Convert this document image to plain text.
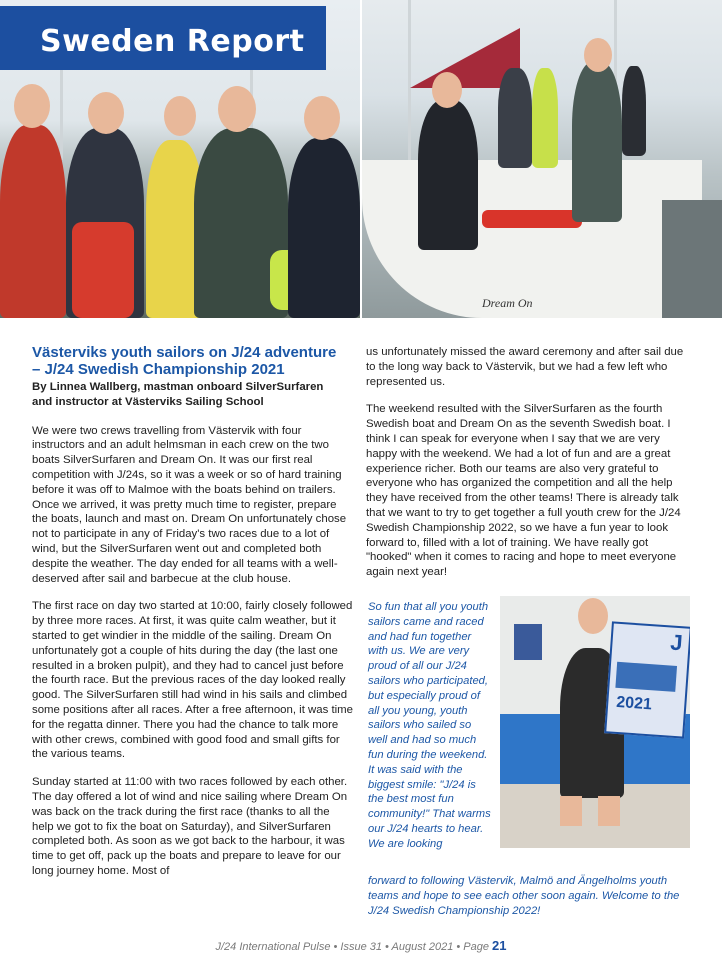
Dream On
Sweden Report
Västerviks youth sailors on J/24 adventure
– J/24 Swedish Championship 2021
By Linnea Wallberg, mastman onboard SilverSurfaren
and instructor at Västerviks Sailing School

We were two crews travelling from Västervik with four instructors and an adult helmsman in each crew on the two boats SilverSurfaren and Dream On. It was our first real competition with J/24s, so it was a week or so of hard training before it was off to Malmoe with the boats behind on trailers. Once we arrived, it was pretty much time to register, prepare the boats, launch and mast on. Dream On unfortunately chose not to participate in any of Friday's two races due to a lot of wind, but the SilverSurfaren went out and completed both despite the weather. The day ended for all teams with a well-deserved after sail and barbecue at the club house.

The first race on day two started at 10:00, fairly closely followed by three more races. At first, it was quite calm weather, but it started to get windier in the middle of the sailing. Dream On unfortunately got a couple of hits during the day (the last one resulted in a broken pulpit), and they had to cancel just before the fourth race. But the previous races of the day looked really good. The SilverSurfaren still had wind in his sails and climbed some positions after all races. After a free afternoon, it was time for the regatta dinner. There you had the chance to talk more with other crews, combined with good food and small gifts for the various teams.

Sunday started at 11:00 with two races followed by each other. The day offered a lot of wind and nice sailing where Dream On was back on the track during the first race (thanks to all the help we got to fix the boat on Saturday), and SilverSurfaren completed both. As soon as we got back to the harbour, it was time to get off, pack up the boats and prepare to leave for our long journey home. Most of

us unfortunately missed the award ceremony and after sail due to the long way back to Västervik, but we had a few left who represented us.

The weekend resulted with the SilverSurfaren as the fourth Swedish boat and Dream On as the seventh Swedish boat. I think I can speak for everyone when I say that we are very happy with the weekend. We had a lot of fun and are a great experience richer. Both our teams are also very grateful to everyone who has organized the competition and all the help they have received from the other teams! There is already talk that we want to try to get together a full youth crew for the J/24 Swedish Championship 2022, so we have a fun year to look forward to, filled with a lot of training. We have really got "hooked" when it comes to racing and hope to meet everyone again next year!

So fun that all you youth sailors came and raced and had fun together with us. We are very proud of all our J/24 sailors who participated, but especially proud of all you young, youth sailors who sailed so well and had so much fun during the weekend. It was said with the biggest smile: "J/24 is the best most fun community!" That warms our J/24 hearts to hear. We are looking
forward to following Västervik, Malmö and Ängelholms youth teams and hope to see each other soon again. Welcome to the J/24 Swedish Championship 2022!
J
2021
J/24 International Pulse • Issue 31 • August 2021 • Page 21
